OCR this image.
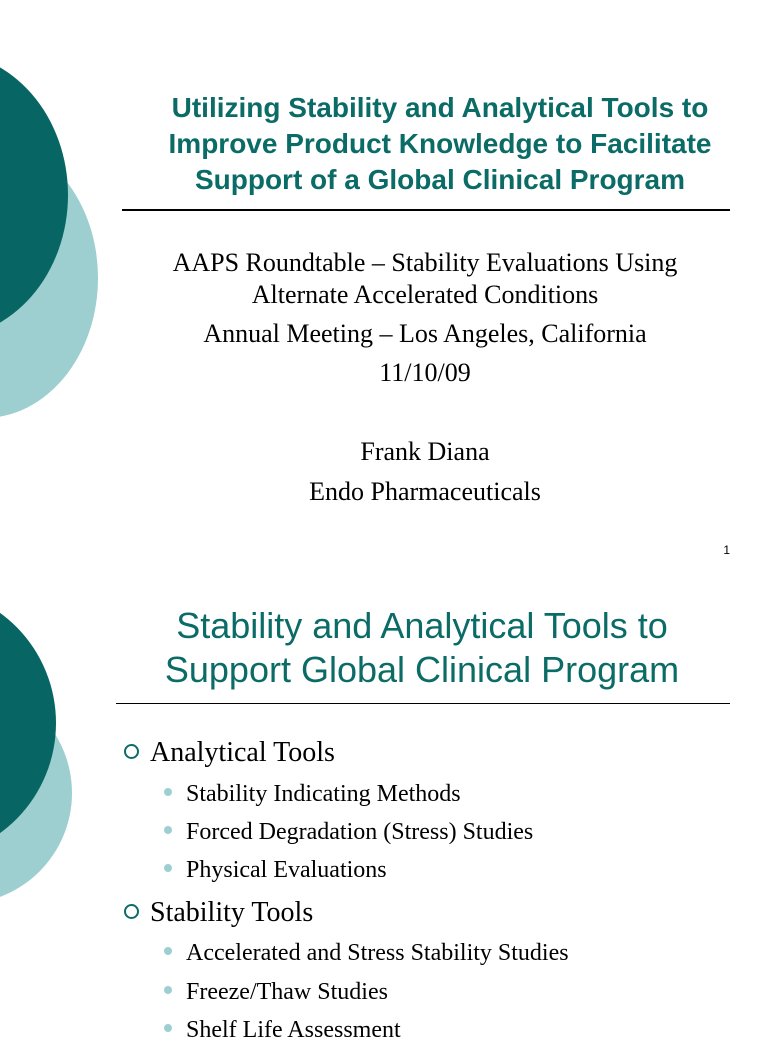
Utilizing Stability and Analytical Tools to Improve Product Knowledge to Facilitate Support of a Global Clinical Program
AAPS Roundtable – Stability Evaluations Using
Alternate Accelerated Conditions
Annual Meeting – Los Angeles, California
11/10/09
Frank Diana
Endo Pharmaceuticals
1
Stability and Analytical Tools to
Support Global Clinical Program
Analytical Tools
Stability Indicating Methods
Forced Degradation (Stress) Studies
Physical Evaluations
Stability Tools
Accelerated and Stress Stability Studies
Freeze/Thaw Studies
Shelf Life Assessment
